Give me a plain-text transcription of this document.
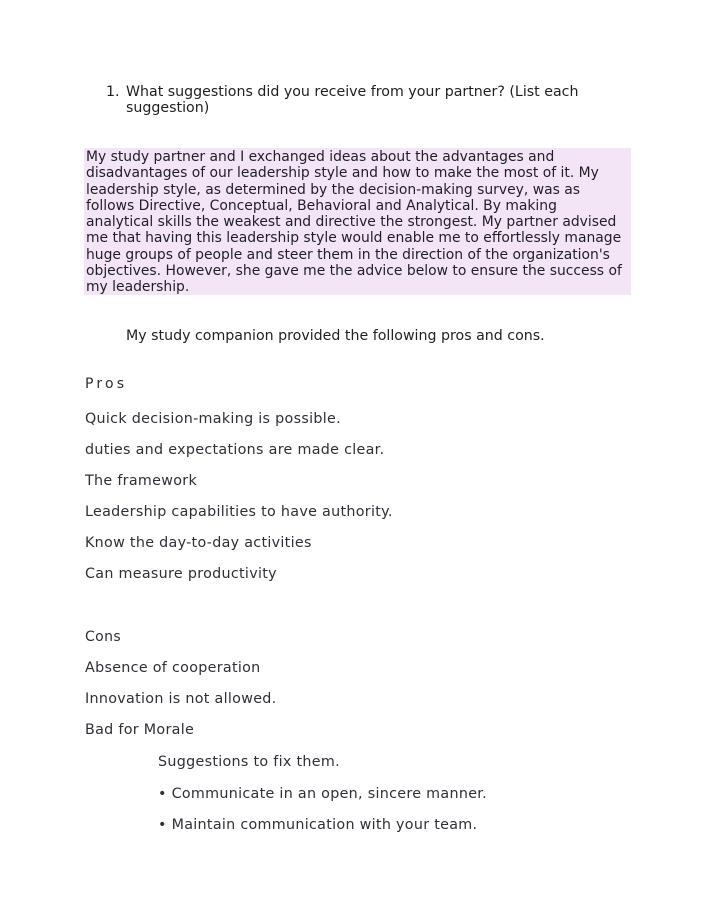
1. What suggestions did you receive from your partner? (List each suggestion)
My study partner and I exchanged ideas about the advantages and
disadvantages of our leadership style and how to make the most of it. My
leadership style, as determined by the decision-making survey, was as
follows Directive, Conceptual, Behavioral and Analytical. By making
analytical skills the weakest and directive the strongest. My partner advised
me that having this leadership style would enable me to effortlessly manage
huge groups of people and steer them in the direction of the organization's
objectives. However, she gave me the advice below to ensure the success of
my leadership.
My study companion provided the following pros and cons.
Pros
Quick decision-making is possible.
duties and expectations are made clear.
The framework
Leadership capabilities to have authority.
Know the day-to-day activities
Can measure productivity
Cons
Absence of cooperation
Innovation is not allowed.
Bad for Morale
Suggestions to fix them.
• Communicate in an open, sincere manner.
• Maintain communication with your team.
